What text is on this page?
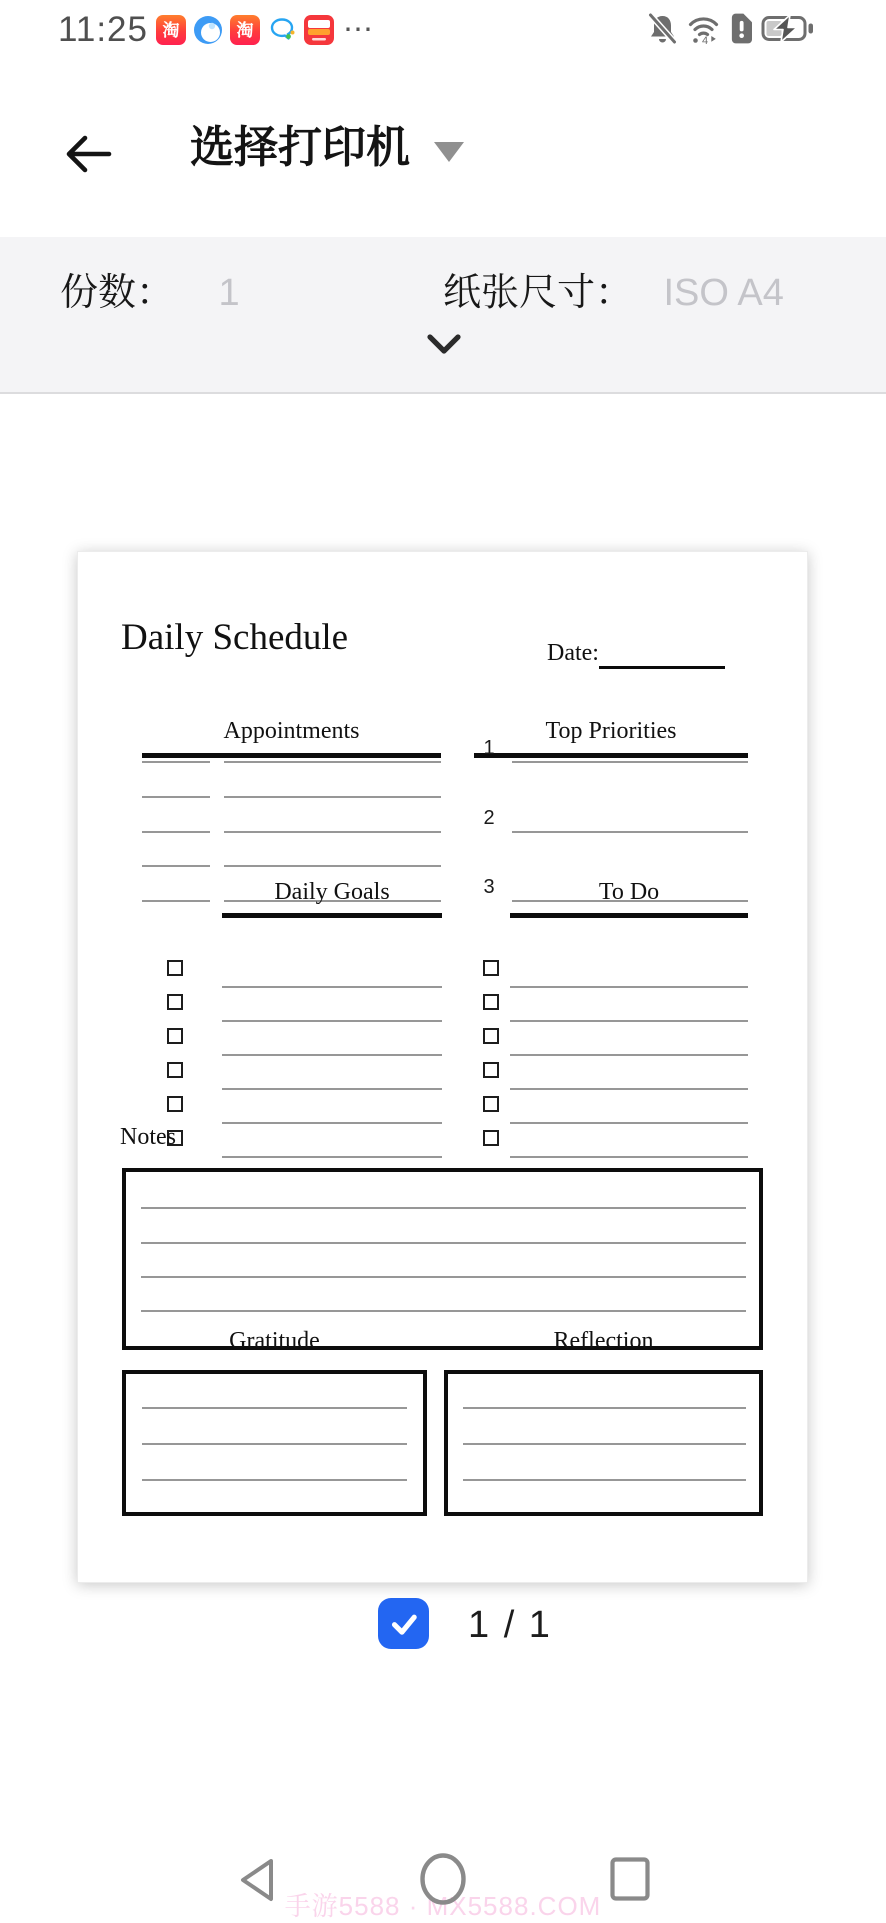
11:25 淘	淘	⋯	4
选择打印机
份数： 1	纸张尺寸： ISO A4
Daily Schedule	Date:
Appointments	Top Priorities
1
2
3
Daily Goals	To Do
Notes
Gratitude	Reflection
1 / 1
手游5588 · MX5588.COM
